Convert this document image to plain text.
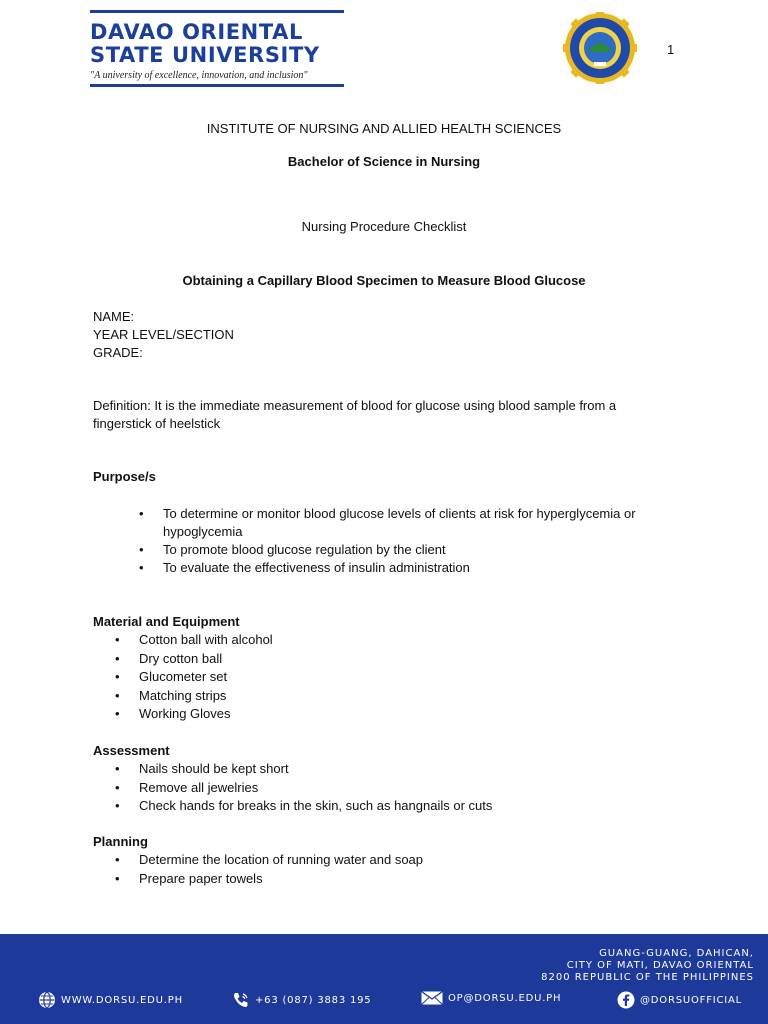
DAVAO ORIENTAL
STATE UNIVERSITY
"A university of excellence, innovation, and inclusion"
1
INSTITUTE OF NURSING AND ALLIED HEALTH SCIENCES
Bachelor of Science in Nursing
Nursing Procedure Checklist
Obtaining a Capillary Blood Specimen to Measure Blood Glucose
NAME:
YEAR LEVEL/SECTION
GRADE:
Definition: It is the immediate measurement of blood for glucose using blood sample from a
fingerstick of heelstick
Purpose/s
• To determine or monitor blood glucose levels of clients at risk for hyperglycemia or hypoglycemia
• To promote blood glucose regulation by the client
• To evaluate the effectiveness of insulin administration
Material and Equipment
• Cotton ball with alcohol
• Dry cotton ball
• Glucometer set
• Matching strips
• Working Gloves
Assessment
• Nails should be kept short
• Remove all jewelries
• Check hands for breaks in the skin, such as hangnails or cuts
Planning
• Determine the location of running water and soap
• Prepare paper towels
GUANG-GUANG, DAHICAN,
CITY OF MATI, DAVAO ORIENTAL
8200 REPUBLIC OF THE PHILIPPINES
WWW.DORSU.EDU.PH	+63 (087) 3883 195	OP@DORSU.EDU.PH	@DORSUOFFICIAL
